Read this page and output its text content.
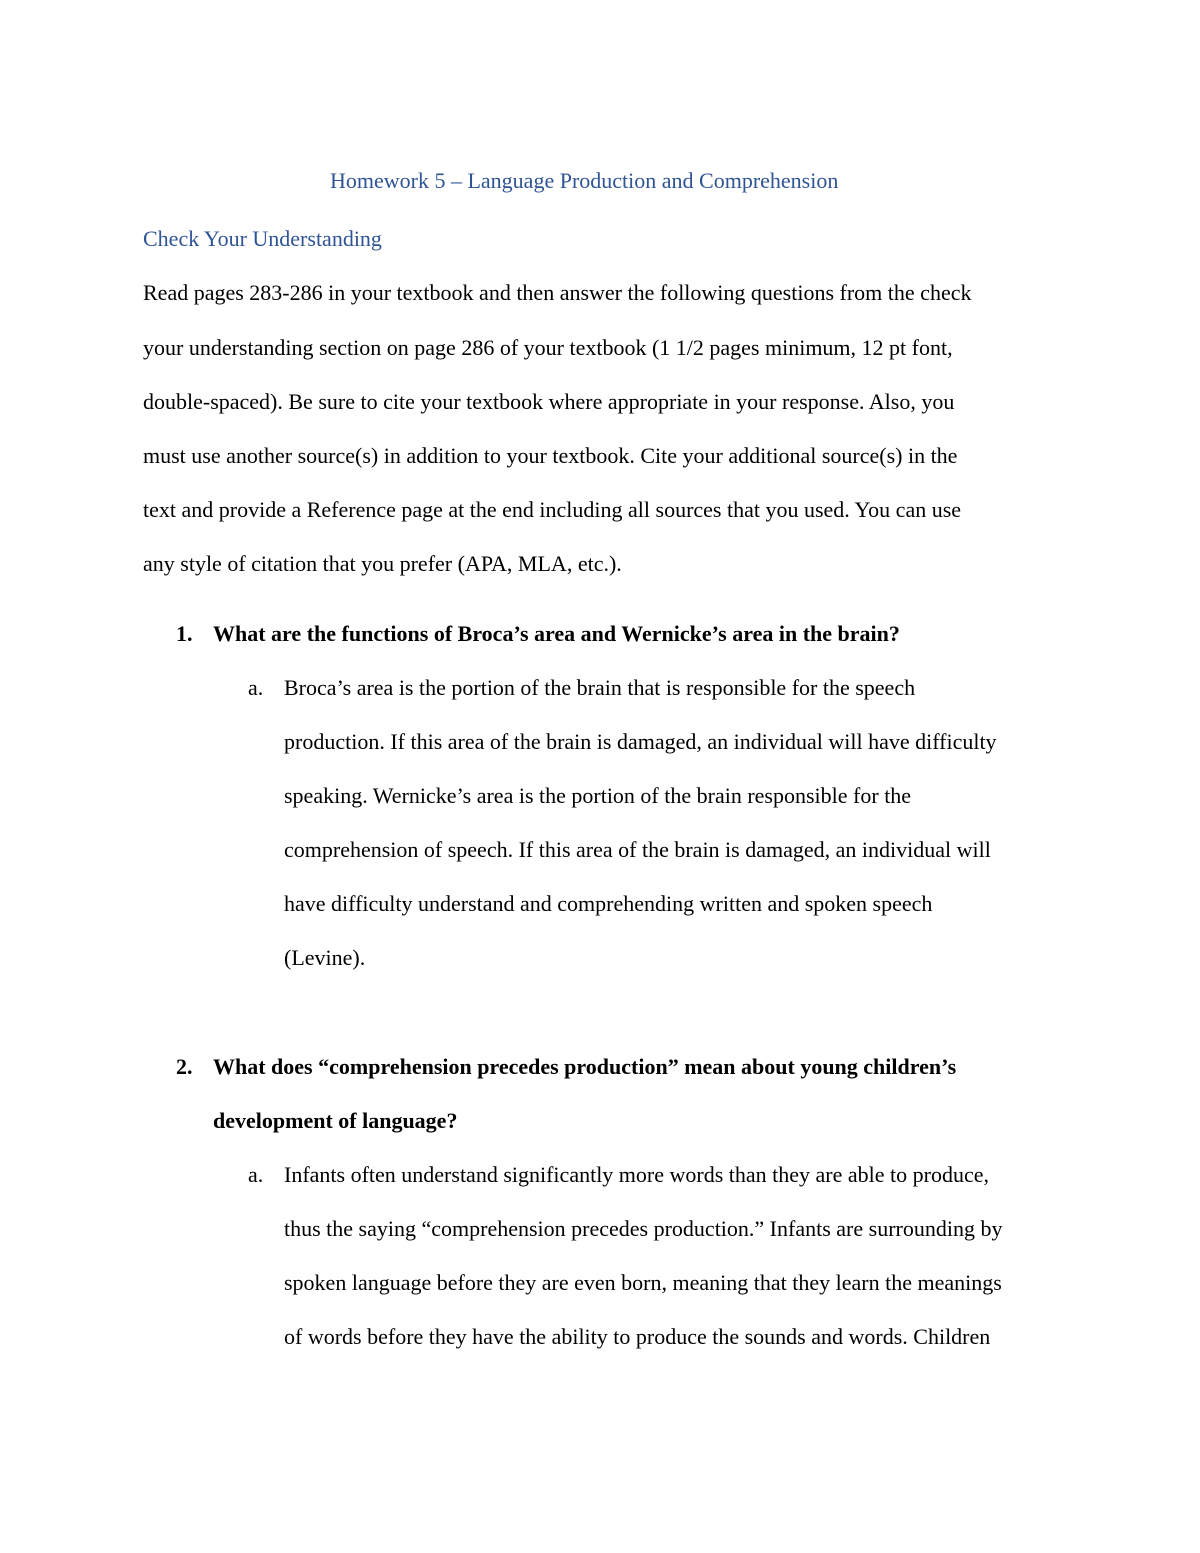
Homework 5 – Language Production and Comprehension

Check Your Understanding

Read pages 283-286 in your textbook and then answer the following questions from the check

your understanding section on page 286 of your textbook (1 1/2 pages minimum, 12 pt font,

double-spaced). Be sure to cite your textbook where appropriate in your response. Also, you

must use another source(s) in addition to your textbook. Cite your additional source(s) in the

text and provide a Reference page at the end including all sources that you used. You can use

any style of citation that you prefer (APA, MLA, etc.).

1. What are the functions of Broca’s area and Wernicke’s area in the brain?

a. Broca’s area is the portion of the brain that is responsible for the speech

production. If this area of the brain is damaged, an individual will have difficulty

speaking. Wernicke’s area is the portion of the brain responsible for the

comprehension of speech. If this area of the brain is damaged, an individual will

have difficulty understand and comprehending written and spoken speech

(Levine).

2. What does “comprehension precedes production” mean about young children’s

development of language?

a. Infants often understand significantly more words than they are able to produce,

thus the saying “comprehension precedes production.” Infants are surrounding by

spoken language before they are even born, meaning that they learn the meanings

of words before they have the ability to produce the sounds and words. Children
